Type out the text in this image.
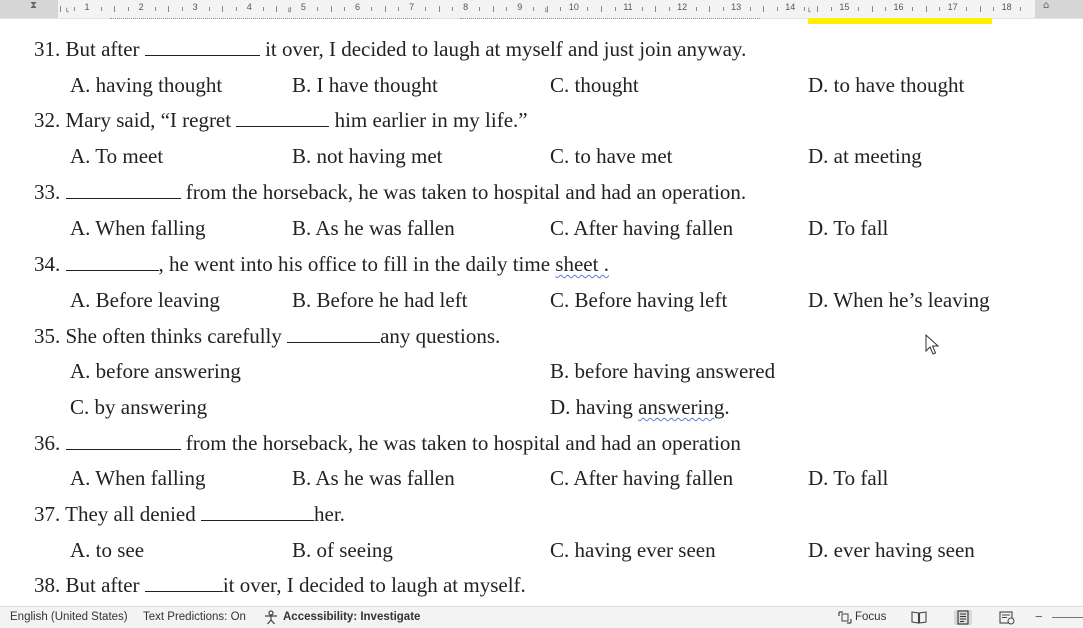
⧗	˪	˪	⌂
1	2	3	4	5	6	7	8	9	10	11	12	13	14	15	16	17	18
31. But after	it over, I decided to laugh at myself and just join anyway.
A. having thought	B. I have thought	C. thought	D. to have thought
32. Mary said, “I regret	him earlier in my life.”
A. To meet	B. not having met	C. to have met	D. at meeting
33.	from the horseback, he was taken to hospital and had an operation.
A. When falling	B. As he was fallen	C. After having fallen	D. To fall
34.	, he went into his office to fill in the daily time sheet .
A. Before leaving	B. Before he had left	C. Before having left	D. When he’s leaving
35. She often thinks carefully	any questions.
A. before answering	B. before having answered
C. by answering	D. having answering.
36.	from the horseback, he was taken to hospital and had an operation
A. When falling	B. As he was fallen	C. After having fallen	D. To fall
37. They all denied	her.
A. to see	B. of seeing	C. having ever seen	D. ever having seen
38. But after	it over, I decided to laugh at myself.
English (United States) Text Predictions: On	Accessibility: Investigate	Focus	−
